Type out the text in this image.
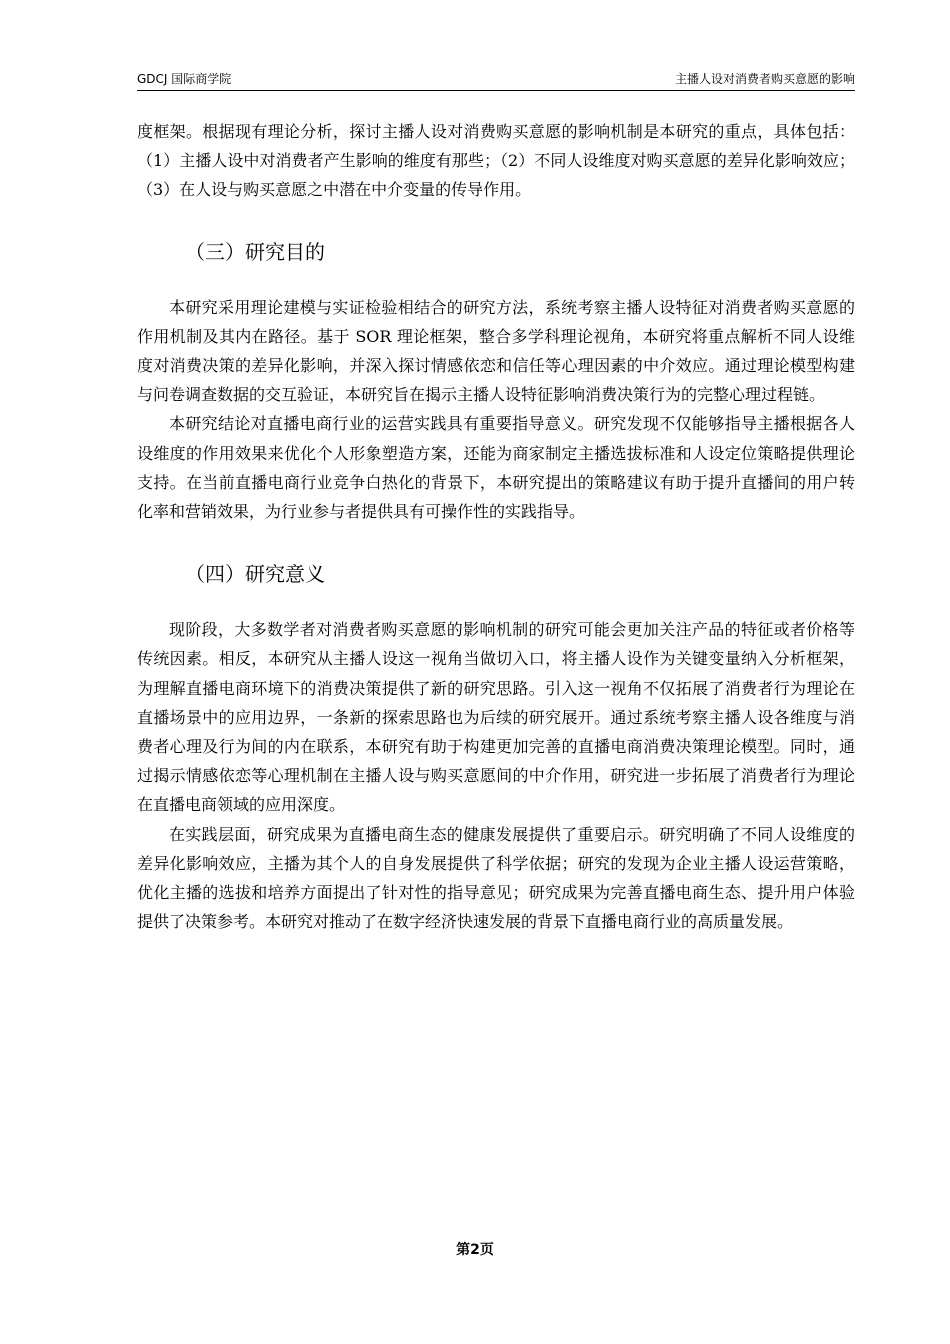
GDCJ 国际商学院	主播人设对消费者购买意愿的影响

度框架。根据现有理论分析，探讨主播人设对消费购买意愿的影响机制是本研究的重点，具体包括：（1）主播人设中对消费者产生影响的维度有那些；（2）不同人设维度对购买意愿的差异化影响效应；（3）在人设与购买意愿之中潜在中介变量的传导作用。

（三）研究目的

本研究采用理论建模与实证检验相结合的研究方法，系统考察主播人设特征对消费者购买意愿的作用机制及其内在路径。基于 SOR 理论框架，整合多学科理论视角，本研究将重点解析不同人设维度对消费决策的差异化影响，并深入探讨情感依恋和信任等心理因素的中介效应。通过理论模型构建与问卷调查数据的交互验证，本研究旨在揭示主播人设特征影响消费决策行为的完整心理过程链。

本研究结论对直播电商行业的运营实践具有重要指导意义。研究发现不仅能够指导主播根据各人设维度的作用效果来优化个人形象塑造方案，还能为商家制定主播选拔标准和人设定位策略提供理论支持。在当前直播电商行业竞争白热化的背景下，本研究提出的策略建议有助于提升直播间的用户转化率和营销效果，为行业参与者提供具有可操作性的实践指导。

（四）研究意义

现阶段，大多数学者对消费者购买意愿的影响机制的研究可能会更加关注产品的特征或者价格等传统因素。相反，本研究从主播人设这一视角当做切入口，将主播人设作为关键变量纳入分析框架，为理解直播电商环境下的消费决策提供了新的研究思路。引入这一视角不仅拓展了消费者行为理论在直播场景中的应用边界，一条新的探索思路也为后续的研究展开。通过系统考察主播人设各维度与消费者心理及行为间的内在联系，本研究有助于构建更加完善的直播电商消费决策理论模型。同时，通过揭示情感依恋等心理机制在主播人设与购买意愿间的中介作用，研究进一步拓展了消费者行为理论在直播电商领域的应用深度。

在实践层面，研究成果为直播电商生态的健康发展提供了重要启示。研究明确了不同人设维度的差异化影响效应，主播为其个人的自身发展提供了科学依据；研究的发现为企业主播人设运营策略，优化主播的选拔和培养方面提出了针对性的指导意见；研究成果为完善直播电商生态、提升用户体验提供了决策参考。本研究对推动了在数字经济快速发展的背景下直播电商行业的高质量发展。

第2页
